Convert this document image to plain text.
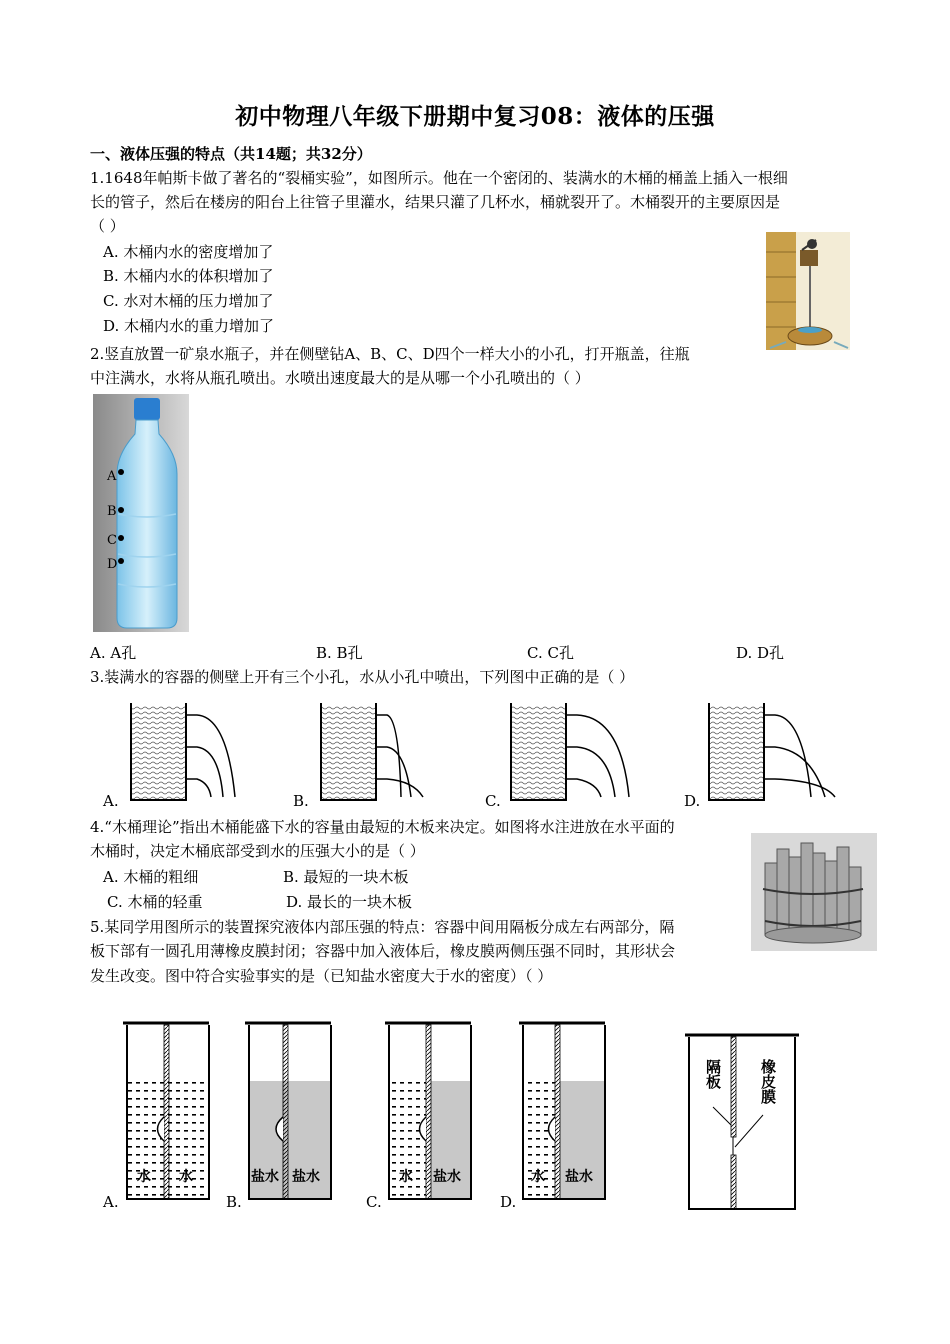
初中物理八年级下册期中复习08：液体的压强
一、液体压强的特点（共14题；共32分）
1.1648年帕斯卡做了著名的“裂桶实验”，如图所示。他在一个密闭的、装满水的木桶的桶盖上插入一根细
长的管子，然后在楼房的阳台上往管子里灌水，结果只灌了几杯水，桶就裂开了。木桶裂开的主要原因是
（ ）
A. 木桶内水的密度增加了
B. 木桶内水的体积增加了
C. 水对木桶的压力增加了
D. 木桶内水的重力增加了
2.竖直放置一矿泉水瓶子，并在侧壁钻A、B、C、D四个一样大小的小孔，打开瓶盖，往瓶
中注满水，水将从瓶孔喷出。水喷出速度最大的是从哪一个小孔喷出的（ ）
A
B
C
D
A. A孔	B. B孔	C. C孔	D. D孔
3.装满水的容器的侧壁上开有三个小孔，水从小孔中喷出，下列图中正确的是（ ）
A.	B.	C.	D.
4.“木桶理论”指出木桶能盛下水的容量由最短的木板来决定。如图将水注进放在水平面的
木桶时，决定木桶底部受到水的压强大小的是（ ）
A. 木桶的粗细	B. 最短的一块木板
C. 木桶的轻重	D. 最长的一块木板
5.某同学用图所示的装置探究液体内部压强的特点：容器中间用隔板分成左右两部分，隔
板下部有一圆孔用薄橡皮膜封闭；容器中加入液体后，橡皮膜两侧压强不同时，其形状会
发生改变。图中符合实验事实的是（已知盐水密度大于水的密度）（ ）
水 水	盐水 盐水	水 盐水	水 盐水
隔板 橡皮膜
A.	B.	C.	D.
